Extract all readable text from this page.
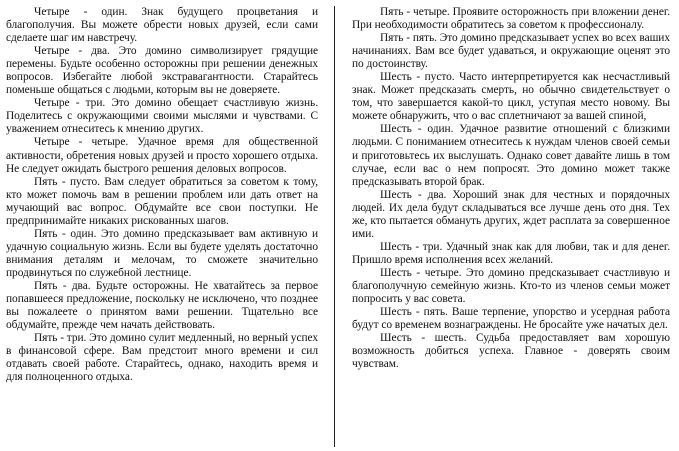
Четыре - один. Знак будущего процветания и благополучия. Вы можете обрести новых друзей, если сами сделаете шаг им навстречу.

Четыре - два. Это домино символизирует грядущие перемены. Будьте особенно осторожны при решении денежных вопросов. Избегайте любой экстравагантности. Старайтесь поменьше общаться с людьми, которым вы не доверяете.

Четыре - три. Это домино обещает счастливую жизнь. Поделитесь с окружающими своими мыслями и чувствами. С уважением отнеситесь к мнению других.

Четыре - четыре. Удачное время для общественной активности, обретения новых друзей и просто хорошего отдыха. Не следует ожидать быстрого решения деловых вопросов.

Пять - пусто. Вам следует обратиться за советом к тому, кто может помочь вам в решении проблем или дать ответ на мучающий вас вопрос. Обдумайте все свои поступки. Не предпринимайте никаких рискованных шагов.

Пять - один. Это домино предсказывает вам активную и удачную социальную жизнь. Если вы будете уделять достаточно внимания деталям и мелочам, то сможете значительно продвинуться по служебной лестнице.

Пять - два. Будьте осторожны. Не хватайтесь за первое попавшееся предложение, поскольку не исключено, что позднее вы пожалеете о принятом вами решении. Тщательно все обдумайте, прежде чем начать действовать.

Пять - три. Это домино сулит медленный, но верный успех в финансовой сфере. Вам предстоит много времени и сил отдавать своей работе. Старайтесь, однако, находить время и для полноценного отдыха.

Пять - четыре. Проявите осторожность при вложении денег. При необходимости обратитесь за советом к профессионалу.

Пять - пять. Это домино предсказывает успех во всех ваших начинаниях. Вам все будет удаваться, и окружающие оценят это по достоинству.

Шесть - пусто. Часто интерпретируется как несчастливый знак. Может предсказать смерть, но обычно свидетельствует о том, что завершается какой-то цикл, уступая место новому. Вы можете обнаружить, что о вас сплетничают за вашей спиной,

Шесть - один. Удачное развитие отношений с близкими людьми. С пониманием отнеситесь к нуждам членов своей семьи и приготовьтесь их выслушать. Однако совет давайте лишь в том случае, если вас о нем попросят. Это домино может также предсказывать второй брак.

Шесть - два. Хороший знак для честных и порядочных людей. Их дела будут складываться все лучше день ото дня. Тех же, кто пытается обмануть других, ждет расплата за совершенное ими.

Шесть - три. Удачный знак как для любви, так и для денег. Пришло время исполнения всех желаний.

Шесть - четыре. Это домино предсказывает счастливую и благополучную семейную жизнь. Кто-то из членов семьи может попросить у вас совета.

Шесть - пять. Ваше терпение, упорство и усердная работа будут со временем вознаграждены. Не бросайте уже начатых дел.

Шесть - шесть. Судьба предоставляет вам хорошую возможность добиться успеха. Главное - доверять своим чувствам.
